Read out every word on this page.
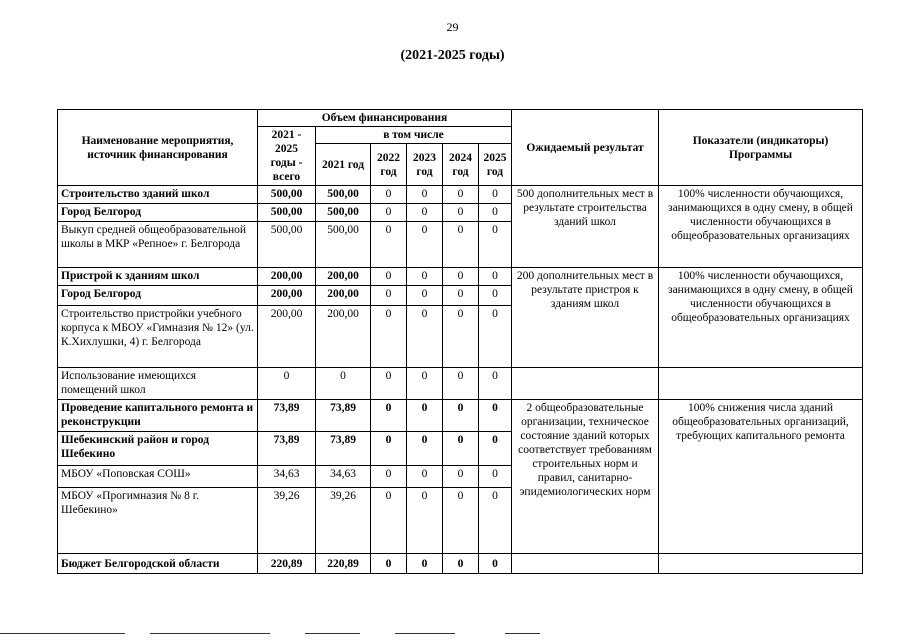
29
(2021-2025 годы)
Наименование мероприятия, источник финансирования	Объем финансирования						Ожидаемый результат	Показатели (индикаторы) Программы
	2021 - 2025 годы - всего	в том числе						
		2021 год	2022 год	2023 год	2024 год	2025 год		
Строительство зданий школ	500,00	500,00	0	0	0	0	500 дополнительных мест в результате строительства зданий школ	100% численности обучающихся, занимающихся в одну смену, в общей численности обучающихся в общеобразовательных организациях
Город Белгород	500,00	500,00	0	0	0	0		
Выкуп средней общеобразовательной школы в МКР «Репное» г. Белгорода	500,00	500,00	0	0	0	0		
Пристрой к зданиям школ	200,00	200,00	0	0	0	0	200 дополнительных мест в результате пристроя к зданиям школ	100% численности обучающихся, занимающихся в одну смену, в общей численности обучающихся в общеобразовательных организациях
Город Белгород	200,00	200,00	0	0	0	0		
Строительство пристройки учебного корпуса к МБОУ «Гимназия № 12» (ул. К.Хихлушки, 4) г. Белгорода	200,00	200,00	0	0	0	0		
Использование имеющихся помещений школ	0	0	0	0	0	0		
Проведение капитального ремонта и реконструкции	73,89	73,89	0	0	0	0	2 общеобразовательные организации, техническое состояние зданий которых соответствует требованиям строительных норм и правил, санитарно-эпидемиологических норм	100% снижения числа зданий общеобразовательных организаций, требующих капитального ремонта
Шебекинский район и город Шебекино	73,89	73,89	0	0	0	0		
МБОУ «Поповская СОШ»	34,63	34,63	0	0	0	0		
МБОУ «Прогимназия № 8 г. Шебекино»	39,26	39,26	0	0	0	0		
Бюджет Белгородской области	220,89	220,89	0	0	0	0		
